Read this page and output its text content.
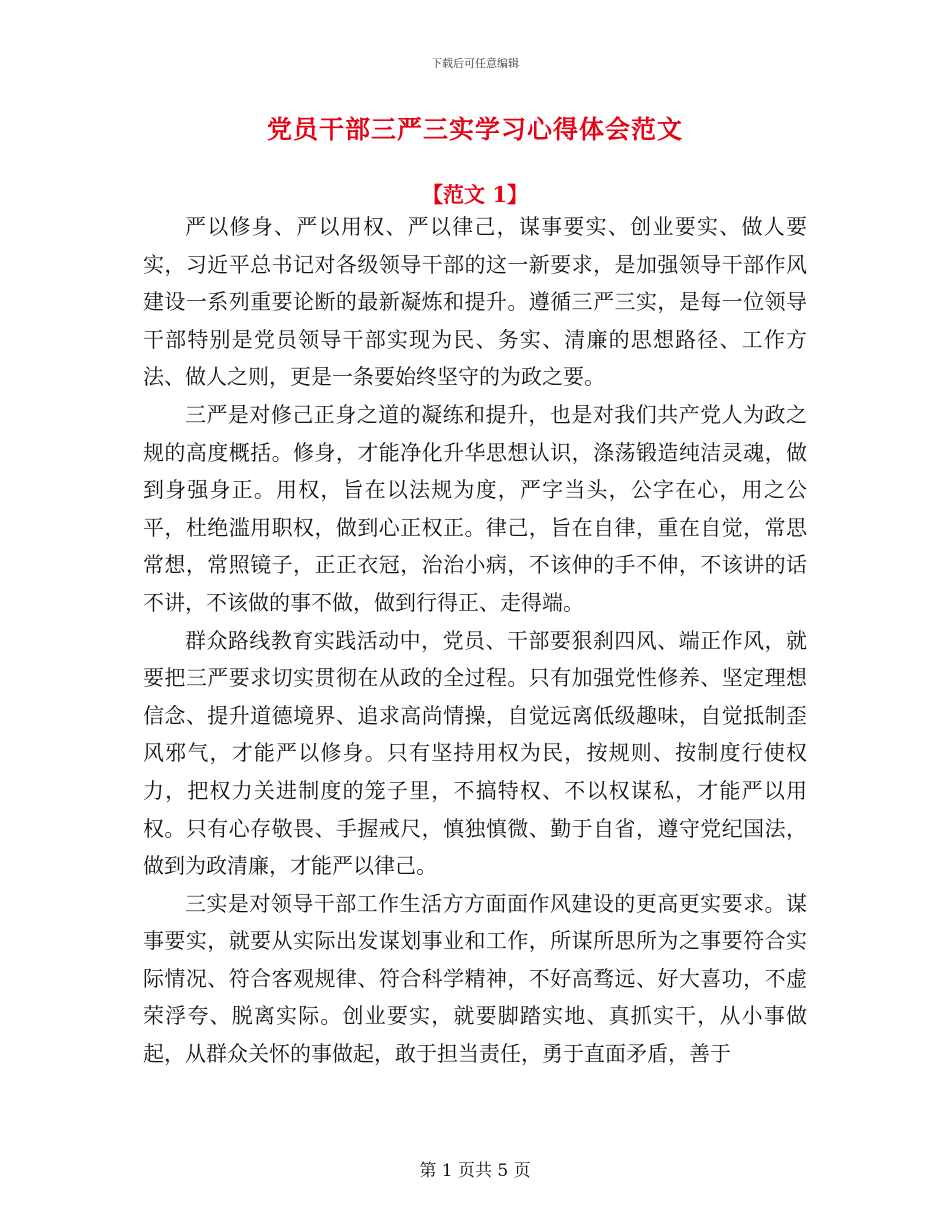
下载后可任意编辑
党员干部三严三实学习心得体会范文
【范文 1】

严以修身、严以用权、严以律己，谋事要实、创业要实、做人要实，习近平总书记对各级领导干部的这一新要求，是加强领导干部作风建设一系列重要论断的最新凝炼和提升。遵循三严三实，是每一位领导干部特别是党员领导干部实现为民、务实、清廉的思想路径、工作方法、做人之则，更是一条要始终坚守的为政之要。

三严是对修己正身之道的凝练和提升，也是对我们共产党人为政之规的高度概括。修身，才能净化升华思想认识，涤荡锻造纯洁灵魂，做到身强身正。用权，旨在以法规为度，严字当头，公字在心，用之公平，杜绝滥用职权，做到心正权正。律己，旨在自律，重在自觉，常思常想，常照镜子，正正衣冠，治治小病，不该伸的手不伸，不该讲的话不讲，不该做的事不做，做到行得正、走得端。

群众路线教育实践活动中，党员、干部要狠刹四风、端正作风，就要把三严要求切实贯彻在从政的全过程。只有加强党性修养、坚定理想信念、提升道德境界、追求高尚情操，自觉远离低级趣味，自觉抵制歪风邪气，才能严以修身。只有坚持用权为民，按规则、按制度行使权力，把权力关进制度的笼子里，不搞特权、不以权谋私，才能严以用权。只有心存敬畏、手握戒尺，慎独慎微、勤于自省，遵守党纪国法，做到为政清廉，才能严以律己。

三实是对领导干部工作生活方方面面作风建设的更高更实要求。谋事要实，就要从实际出发谋划事业和工作，所谋所思所为之事要符合实际情况、符合客观规律、符合科学精神，不好高骛远、好大喜功，不虚荣浮夸、脱离实际。创业要实，就要脚踏实地、真抓实干，从小事做起，从群众关怀的事做起，敢于担当责任，勇于直面矛盾，善于

第 1 页共 5 页
